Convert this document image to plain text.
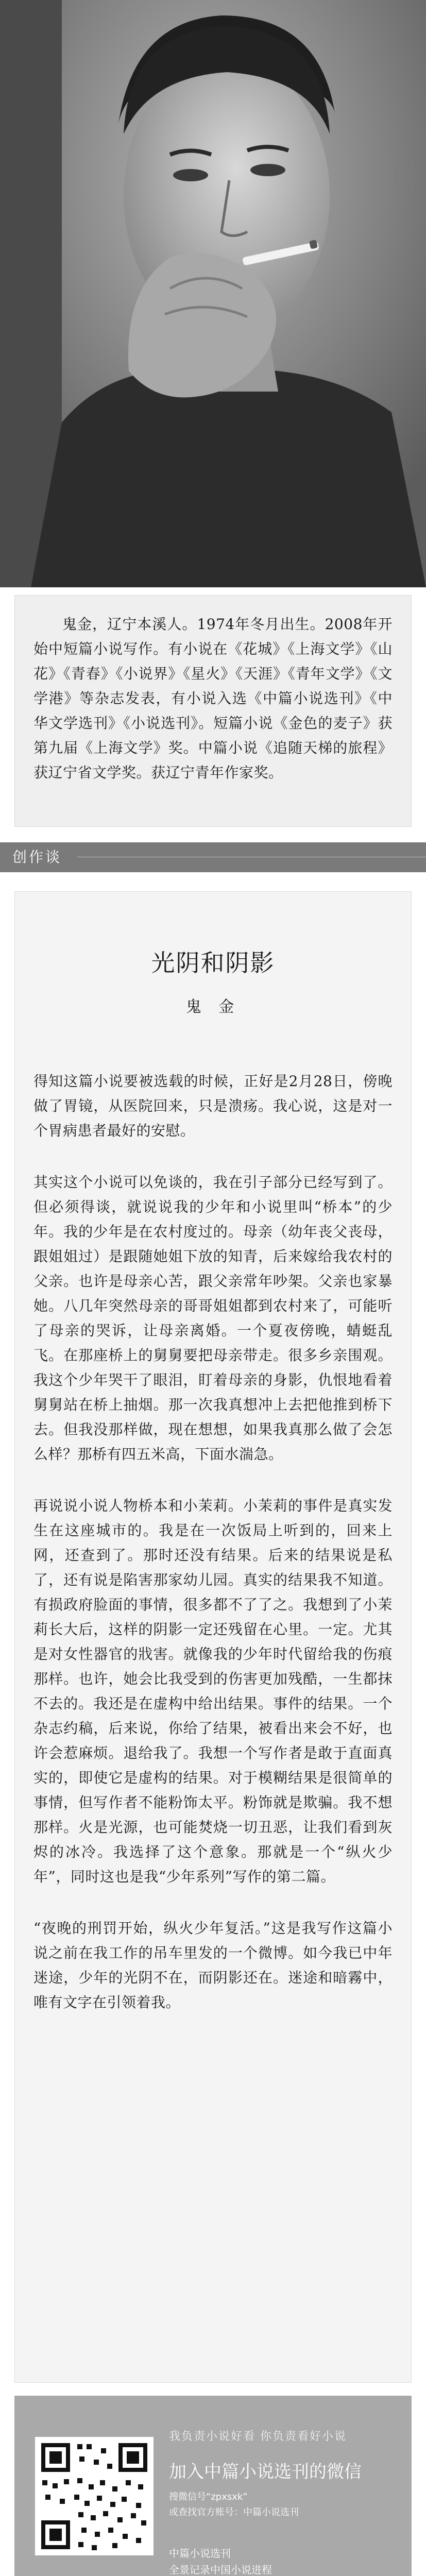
鬼金，辽宁本溪人。1974年冬月出生。2008年开始中短篇小说写作。有小说在《花城》《上海文学》《山花》《青春》《小说界》《星火》《天涯》《青年文学》《文学港》等杂志发表，有小说入选《中篇小说选刊》《中华文学选刊》《小说选刊》。短篇小说《金色的麦子》获第九届《上海文学》奖。中篇小说《追随天梯的旅程》获辽宁省文学奖。获辽宁青年作家奖。

创作谈
光阴和阴影
鬼 金

得知这篇小说要被选载的时候，正好是2月28日，傍晚做了胃镜，从医院回来，只是溃疡。我心说，这是对一个胃病患者最好的安慰。

其实这个小说可以免谈的，我在引子部分已经写到了。但必须得谈，就说说我的少年和小说里叫“桥本”的少年。我的少年是在农村度过的。母亲（幼年丧父丧母，跟姐姐过）是跟随她姐下放的知青，后来嫁给我农村的父亲。也许是母亲心苦，跟父亲常年吵架。父亲也家暴她。八几年突然母亲的哥哥姐姐都到农村来了，可能听了母亲的哭诉，让母亲离婚。一个夏夜傍晚，蜻蜓乱飞。在那座桥上的舅舅要把母亲带走。很多乡亲围观。我这个少年哭干了眼泪，盯着母亲的身影，仇恨地看着舅舅站在桥上抽烟。那一次我真想冲上去把他推到桥下去。但我没那样做，现在想想，如果我真那么做了会怎么样？那桥有四五米高，下面水湍急。

再说说小说人物桥本和小茉莉。小茉莉的事件是真实发生在这座城市的。我是在一次饭局上听到的，回来上网，还查到了。那时还没有结果。后来的结果说是私了，还有说是陷害那家幼儿园。真实的结果我不知道。有损政府脸面的事情，很多都不了了之。我想到了小茉莉长大后，这样的阴影一定还残留在心里。一定。尤其是对女性器官的戕害。就像我的少年时代留给我的伤痕那样。也许，她会比我受到的伤害更加残酷，一生都抹不去的。我还是在虚构中给出结果。事件的结果。一个杂志约稿，后来说，你给了结果，被看出来会不好，也许会惹麻烦。退给我了。我想一个写作者是敢于直面真实的，即使它是虚构的结果。对于模糊结果是很简单的事情，但写作者不能粉饰太平。粉饰就是欺骗。我不想那样。火是光源，也可能焚烧一切丑恶，让我们看到灰烬的冰冷。我选择了这个意象。那就是一个“纵火少年”，同时这也是我“少年系列”写作的第二篇。

“夜晚的刑罚开始，纵火少年复活。”这是我写作这篇小说之前在我工作的吊车里发的一个微博。如今我已中年迷途，少年的光阴不在，而阴影还在。迷途和暗霧中，唯有文字在引领着我。

我负责小说好看 你负责看好小说
加入中篇小说选刊的微信
搜微信号“zpxsxk”
或查找官方账号：中篇小说选刊
中篇小说选刊
全景记录中国小说进程
